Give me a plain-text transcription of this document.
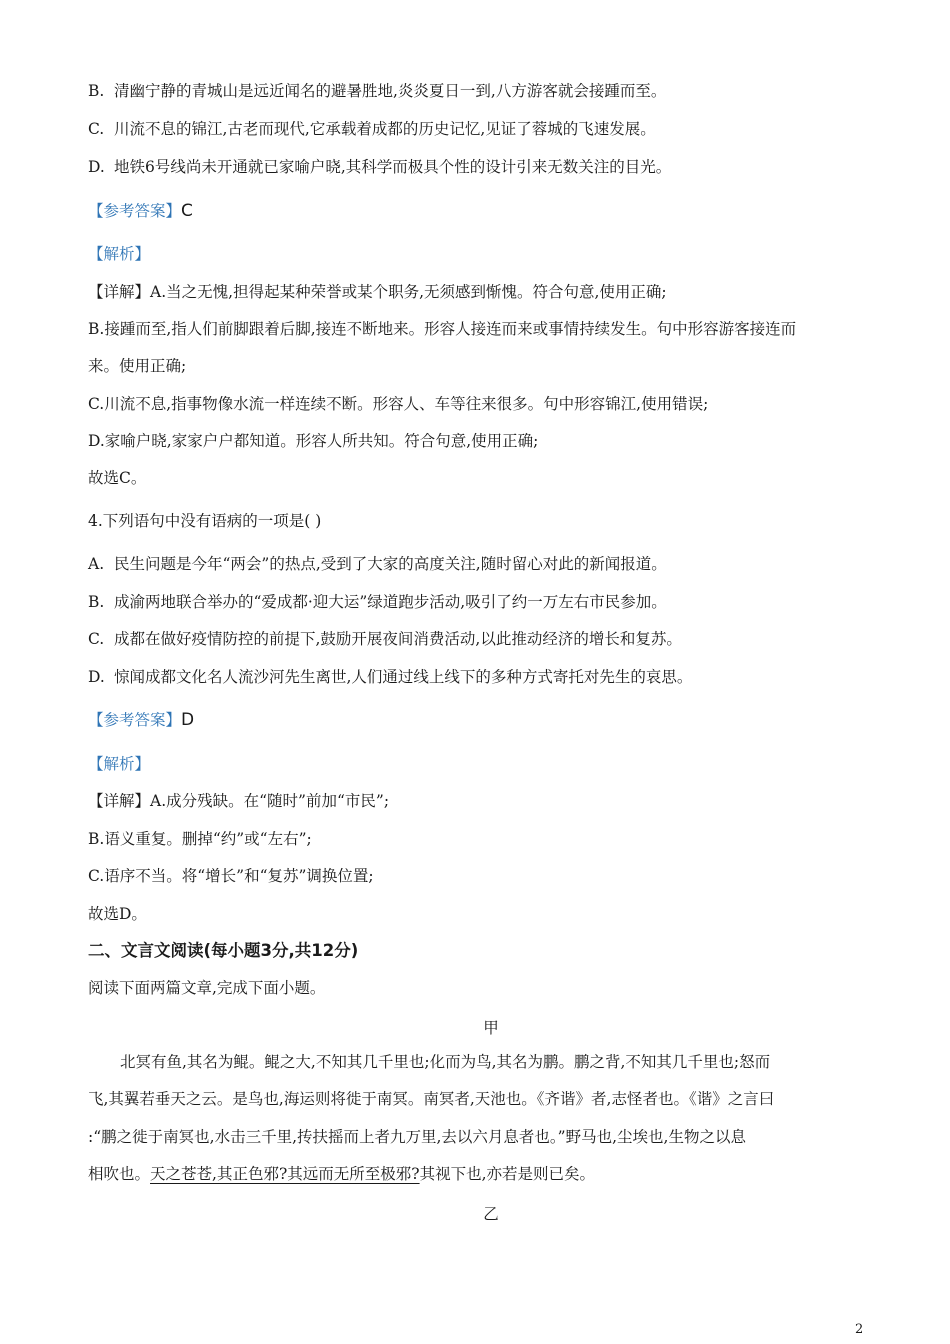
B. 清幽宁静的青城山是远近闻名的避暑胜地,炎炎夏日一到,八方游客就会接踵而至。
C. 川流不息的锦江,古老而现代,它承载着成都的历史记忆,见证了蓉城的飞速发展。
D. 地铁6号线尚未开通就已家喻户晓,其科学而极具个性的设计引来无数关注的目光。
【参考答案】C
【解析】
【详解】A.当之无愧,担得起某种荣誉或某个职务,无须感到惭愧。符合句意,使用正确;
B.接踵而至,指人们前脚跟着后脚,接连不断地来。形容人接连而来或事情持续发生。句中形容游客接连而
来。使用正确;
C.川流不息,指事物像水流一样连续不断。形容人、车等往来很多。句中形容锦江,使用错误;
D.家喻户晓,家家户户都知道。形容人所共知。符合句意,使用正确;
故选C。
4.下列语句中没有语病的一项是( )
A. 民生问题是今年“两会”的热点,受到了大家的高度关注,随时留心对此的新闻报道。
B. 成渝两地联合举办的“爱成都·迎大运”绿道跑步活动,吸引了约一万左右市民参加。
C. 成都在做好疫情防控的前提下,鼓励开展夜间消费活动,以此推动经济的增长和复苏。
D. 惊闻成都文化名人流沙河先生离世,人们通过线上线下的多种方式寄托对先生的哀思。
【参考答案】D
【解析】
【详解】A.成分残缺。在“随时”前加“市民”;
B.语义重复。删掉“约”或“左右”;
C.语序不当。将“增长”和“复苏”调换位置;
故选D。
二、文言文阅读(每小题3分,共12分)
阅读下面两篇文章,完成下面小题。
甲
北冥有鱼,其名为鲲。鲲之大,不知其几千里也;化而为鸟,其名为鹏。鹏之背,不知其几千里也;怒而
飞,其翼若垂天之云。是鸟也,海运则将徙于南冥。南冥者,天池也。《齐谐》者,志怪者也。《谐》之言曰
:“鹏之徙于南冥也,水击三千里,抟扶摇而上者九万里,去以六月息者也。”野马也,尘埃也,生物之以息
相吹也。天之苍苍,其正色邪?其远而无所至极邪?其视下也,亦若是则已矣。
乙
2
